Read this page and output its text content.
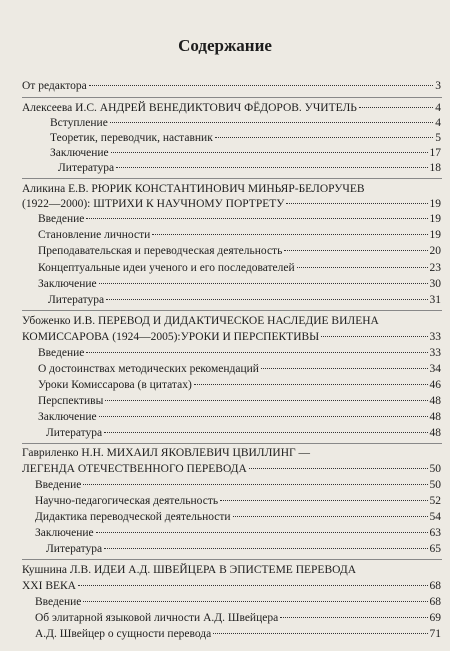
Содержание
От редактора	3
Алексеева И.С. АНДРЕЙ ВЕНЕДИКТОВИЧ ФЁДОРОВ. УЧИТЕЛЬ	4
Вступление	4
Теоретик, переводчик, наставник	5
Заключение	17
Литература	18
Аликина Е.В. РЮРИК КОНСТАНТИНОВИЧ МИНЬЯР-БЕЛОРУЧЕВ
(1922—2000): ШТРИХИ К НАУЧНОМУ ПОРТРЕТУ	19
Введение	19
Становление личности	19
Преподавательская и переводческая деятельность	20
Концептуальные идеи ученого и его последователей	23
Заключение	30
Литература	31
Убоженко И.В. ПЕРЕВОД И ДИДАКТИЧЕСКОЕ НАСЛЕДИЕ ВИЛЕНА
КОМИССАРОВА (1924—2005):УРОКИ И ПЕРСПЕКТИВЫ	33
Введение	33
О достоинствах методических рекомендаций	34
Уроки Комиссарова (в цитатах)	46
Перспективы	48
Заключение	48
Литература	48
Гавриленко Н.Н. МИХАИЛ ЯКОВЛЕВИЧ ЦВИЛЛИНГ —
ЛЕГЕНДА ОТЕЧЕСТВЕННОГО ПЕРЕВОДА	50
Введение	50
Научно-педагогическая деятельность	52
Дидактика переводческой деятельности	54
Заключение	63
Литература	65
Кушнина Л.В. ИДЕИ А.Д. ШВЕЙЦЕРА В ЭПИСТЕМЕ ПЕРЕВОДА
XXI ВЕКА	68
Введение	68
Об элитарной языковой личности А.Д. Швейцера	69
А.Д. Швейцер о сущности перевода	71
